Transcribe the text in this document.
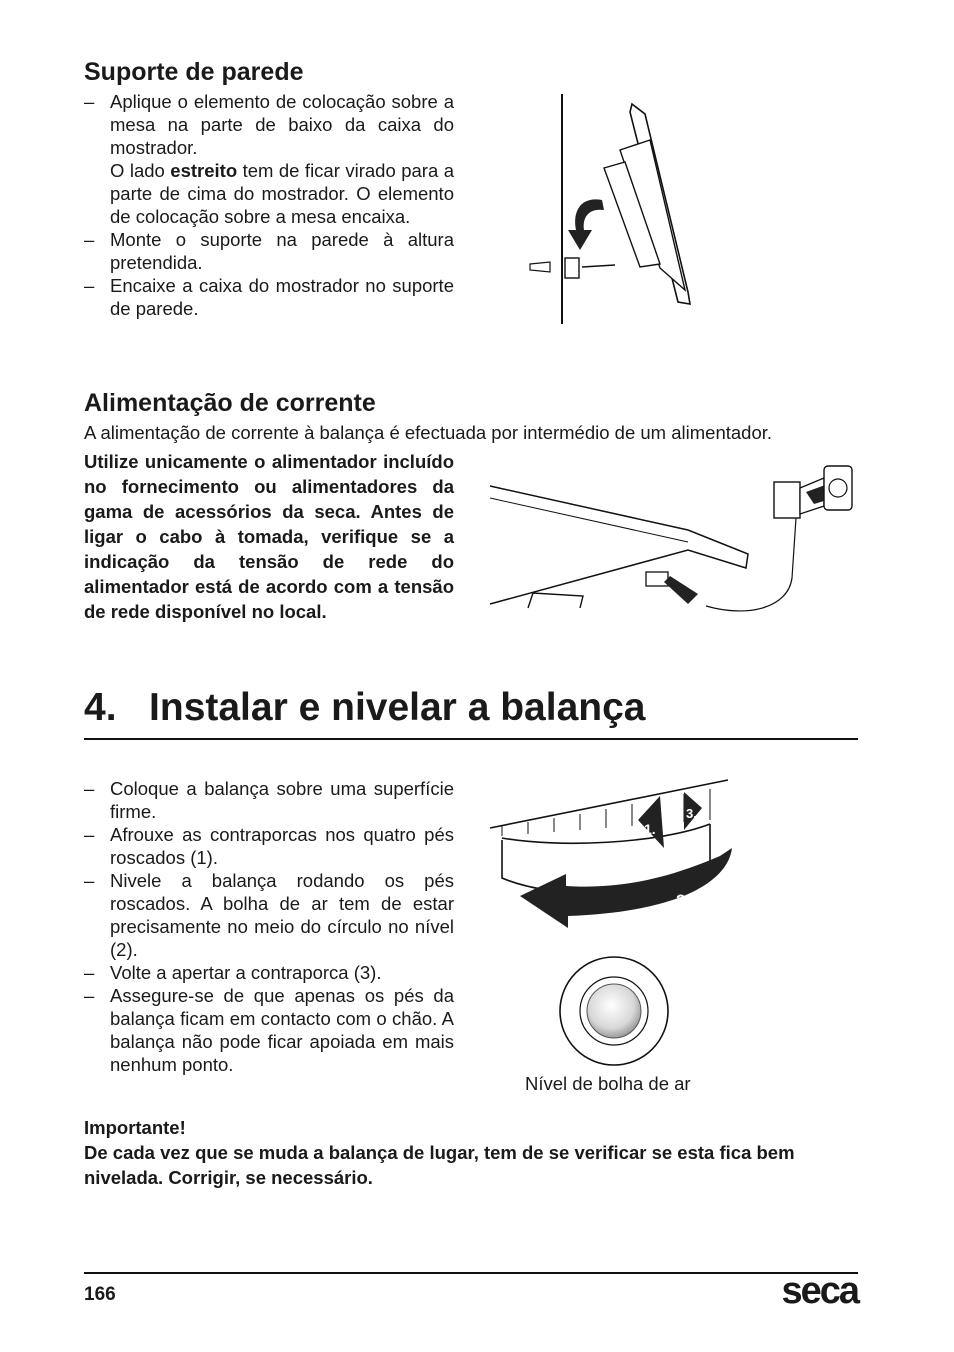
Suporte de parede
– Aplique o elemento de colocação sobre a mesa na parte de baixo da caixa do mostrador.
O lado estreito tem de ficar virado para a parte de cima do mostrador. O elemento de colocação sobre a mesa encaixa.
– Monte o suporte na parede à altura pretendida.
– Encaixe a caixa do mostrador no suporte de parede.
Alimentação de corrente

A alimentação de corrente à balança é efectuada por intermédio de um alimentador.

Utilize unicamente o alimentador incluído no fornecimento ou alimentadores da gama de acessórios da seca. Antes de ligar o cabo à tomada, verifique se a indicação da tensão de rede do alimentador está de acordo com a tensão de rede disponível no local.

4.   Instalar e nivelar a balança
– Coloque a balança sobre uma superfície firme.
– Afrouxe as contraporcas nos quatro pés roscados (1).
– Nivele a balança rodando os pés roscados. A bolha de ar tem de estar precisamente no meio do círculo no nível (2).
– Volte a apertar a contraporca (3).
– Assegure-se de que apenas os pés da balança ficam em contacto com o chão. A balança não pode ficar apoiada em mais nenhum ponto.
2.
1.
3.
Nível de bolha de ar
Importante!
De cada vez que se muda a balança de lugar, tem de se verificar se esta fica bem nivelada. Corrigir, se necessário.
166	seca
